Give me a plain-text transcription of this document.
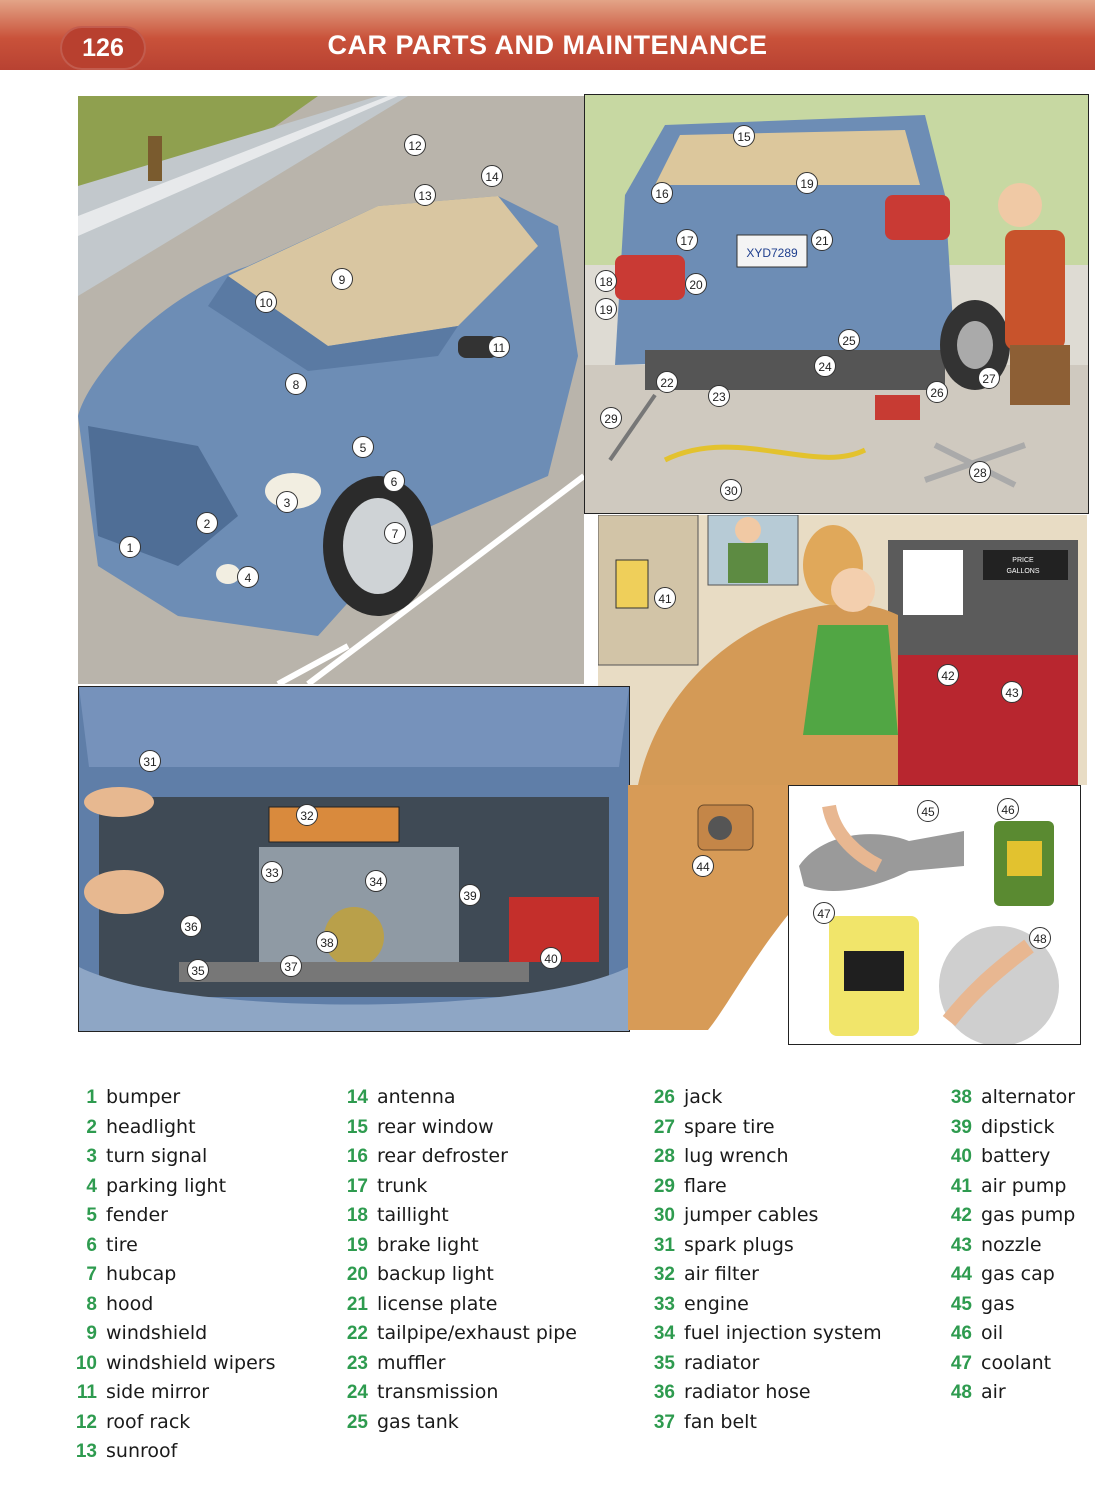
126	CAR PARTS AND MAINTENANCE
1
2
3
4
5
6
7
8
9
10
11
12
13
14
XYD7289
15
16
19
17	21
18	20
19
25
24
22
23	26
27
29
28
30
PRICE
GALLONS
41
42
43
31
32
33
34
39
36
38
40
35	37
44
45	46
47
48
1 bumper
2 headlight
3 turn signal
4 parking light
5 fender
6 tire
7 hubcap
8 hood
9 windshield
10 windshield wipers
11 side mirror
12 roof rack
13 sunroof
14 antenna
15 rear window
16 rear defroster
17 trunk
18 taillight
19 brake light
20 backup light
21 license plate
22 tailpipe/exhaust pipe
23 muffler
24 transmission
25 gas tank
26 jack
27 spare tire
28 lug wrench
29 flare
30 jumper cables
31 spark plugs
32 air filter
33 engine
34 fuel injection system
35 radiator
36 radiator hose
37 fan belt
38 alternator
39 dipstick
40 battery
41 air pump
42 gas pump
43 nozzle
44 gas cap
45 gas
46 oil
47 coolant
48 air
